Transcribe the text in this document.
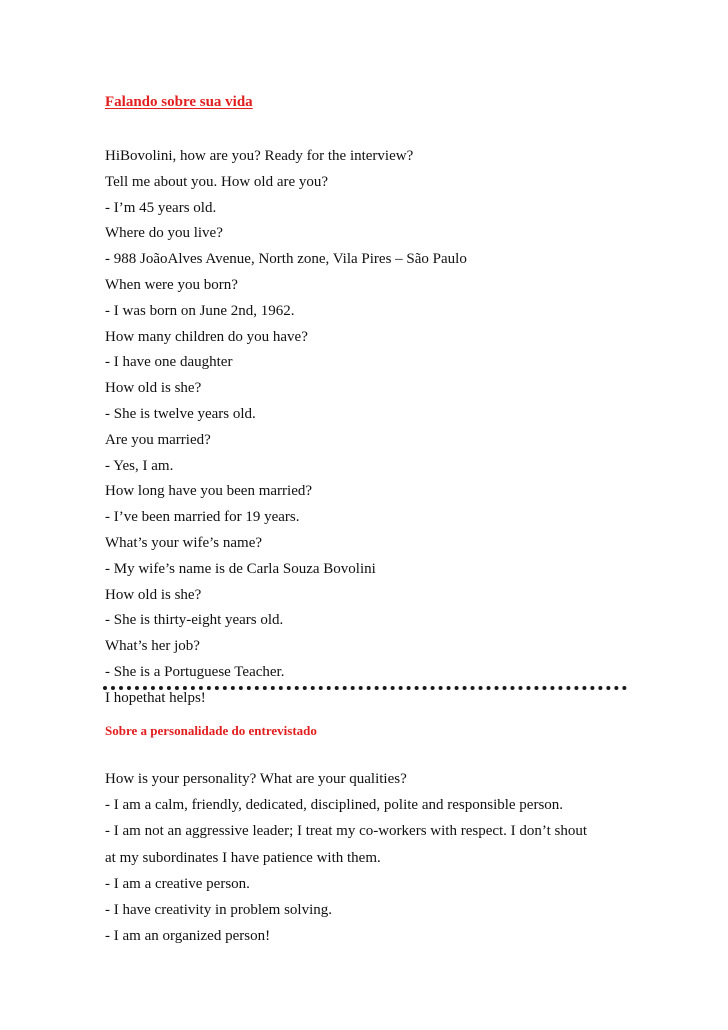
Falando sobre sua vida
HiBovolini, how are you? Ready for the interview?
Tell me about you. How old are you?
- I’m 45 years old.
Where do you live?
- 988 JoãoAlves Avenue, North zone, Vila Pires – São Paulo
When were you born?
- I was born on June 2nd, 1962.
How many children do you have?
- I have one daughter
How old is she?
- She is twelve years old.
Are you married?
- Yes, I am.
How long have you been married?
- I’ve been married for 19 years.
What’s your wife’s name?
- My wife’s name is de Carla Souza Bovolini
How old is she?
- She is thirty-eight years old.
What’s her job?
- She is a Portuguese Teacher.
I hopethat helps!
Sobre a personalidade do entrevistado
How is your personality? What are your qualities?
- I am a calm, friendly, dedicated, disciplined, polite and responsible person.
- I am not an aggressive leader; I treat my co-workers with respect. I don’t shout
at my subordinates I have patience with them.
- I am a creative person.
- I have creativity in problem solving.
- I am an organized person!
